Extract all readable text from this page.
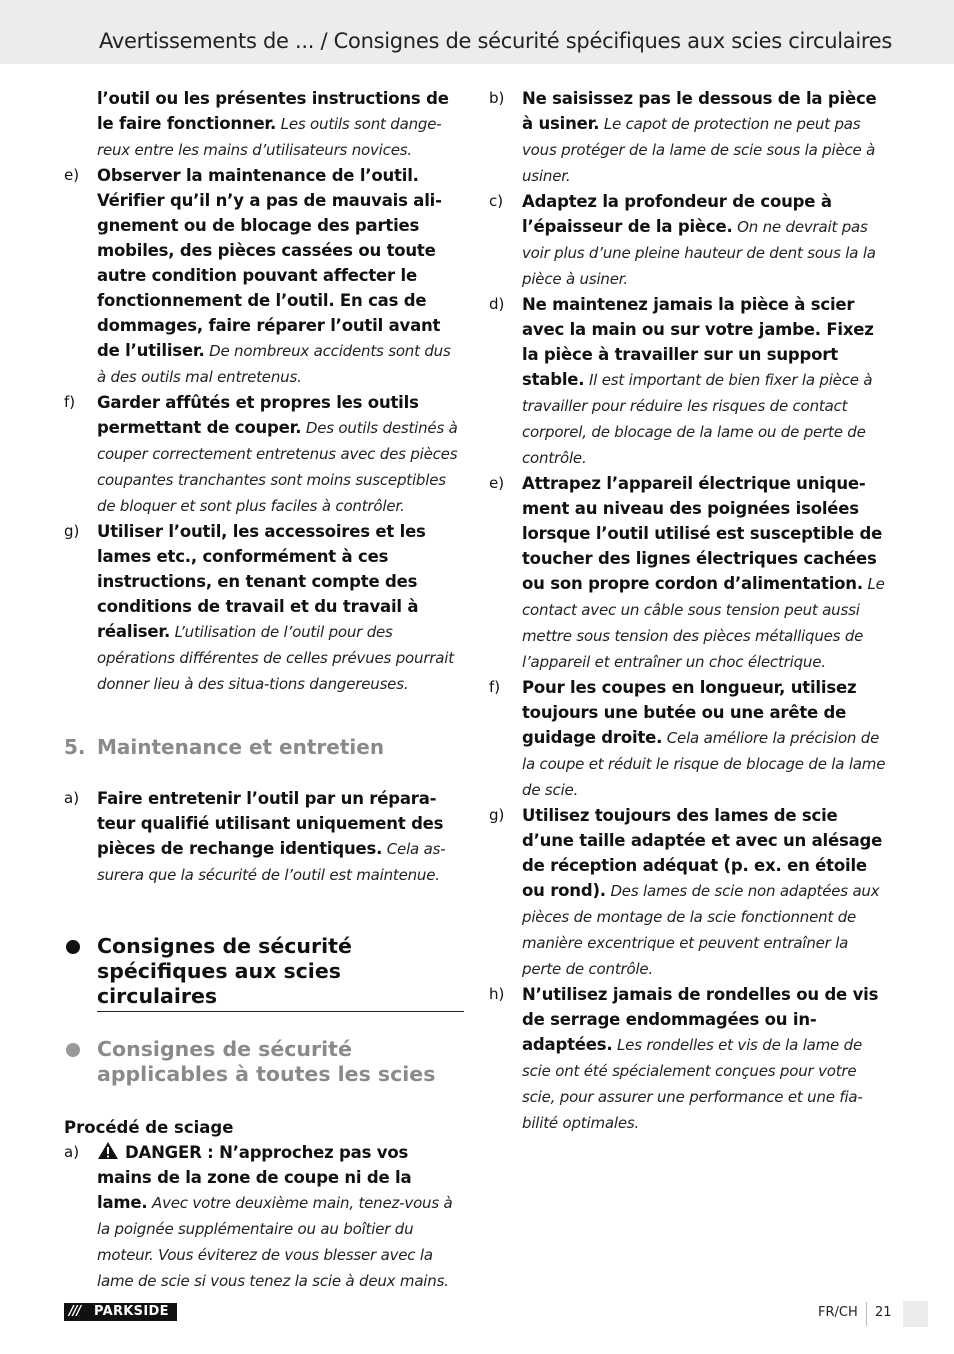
Avertissements de ... / Consignes de sécurité spécifiques aux scies circulaires
l’outil ou les présentes instructions de le faire fonctionner. Les outils sont dange-reux entre les mains d’utilisateurs novices.
e) Observer la maintenance de l’outil. Vérifier qu’il n’y a pas de mauvais ali-gnement ou de blocage des parties mobiles, des pièces cassées ou toute autre condition pouvant affecter le fonctionnement de l’outil. En cas de dommages, faire réparer l’outil avant de l’utiliser. De nombreux accidents sont dus à des outils mal entretenus.
f) Garder affûtés et propres les outils permettant de couper. Des outils destinés à couper correctement entretenus avec des pièces coupantes tranchantes sont moins susceptibles de bloquer et sont plus faciles à contrôler.
g) Utiliser l’outil, les accessoires et les lames etc., conformément à ces instructions, en tenant compte des conditions de travail et du travail à réaliser. L’utilisation de l’outil pour des opérations différentes de celles prévues pourrait donner lieu à des situa-tions dangereuses.
5. Maintenance et entretien
a) Faire entretenir l’outil par un répara-teur qualifié utilisant uniquement des pièces de rechange identiques. Cela as-surera que la sécurité de l’outil est maintenue.
Consignes de sécurité spécifiques aux scies circulaires
Consignes de sécurité applicables à toutes les scies
Procédé de sciage
a)	DANGER : N’approchez pas vos mains de la zone de coupe ni de la lame. Avec votre deuxième main, tenez-vous à la poignée supplémentaire ou au boîtier du moteur. Vous éviterez de vous blesser avec la lame de scie si vous tenez la scie à deux mains.
b) Ne saisissez pas le dessous de la pièce à usiner. Le capot de protection ne peut pas vous protéger de la lame de scie sous la pièce à usiner.
c) Adaptez la profondeur de coupe à l’épaisseur de la pièce. On ne devrait pas voir plus d’une pleine hauteur de dent sous la la pièce à usiner.
d) Ne maintenez jamais la pièce à scier avec la main ou sur votre jambe. Fixez la pièce à travailler sur un support stable. Il est important de bien fixer la pièce à travailler pour réduire les risques de contact corporel, de blocage de la lame ou de perte de contrôle.
e) Attrapez l’appareil électrique unique-ment au niveau des poignées isolées lorsque l’outil utilisé est susceptible de toucher des lignes électriques cachées ou son propre cordon d’alimentation. Le contact avec un câble sous tension peut aussi mettre sous tension des pièces métalliques de l’appareil et entraîner un choc électrique.
f) Pour les coupes en longueur, utilisez toujours une butée ou une arête de guidage droite. Cela améliore la précision de la coupe et réduit le risque de blocage de la lame de scie.
g) Utilisez toujours des lames de scie d’une taille adaptée et avec un alésage de réception adéquat (p. ex. en étoile ou rond). Des lames de scie non adaptées aux pièces de montage de la scie fonctionnent de manière excentrique et peuvent entraîner la perte de contrôle.
h) N’utilisez jamais de rondelles ou de vis de serrage endommagées ou in-adaptées. Les rondelles et vis de la lame de scie ont été spécialement conçues pour votre scie, pour assurer une performance et une fia-bilité optimales.
/// PARKSIDE	FR/CH 21
